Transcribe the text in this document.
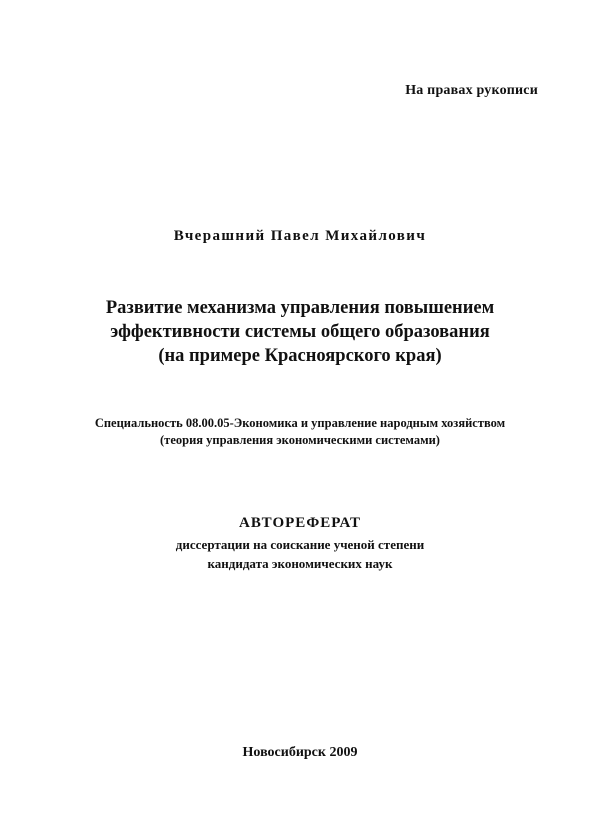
На правах рукописи
Вчерашний Павел Михайлович
Развитие механизма управления повышением
эффективности системы общего образования
(на примере Красноярского края)
Специальность 08.00.05-Экономика и управление народным хозяйством
(теория управления экономическими системами)
АВТОРЕФЕРАТ
диссертации на соискание ученой степени
кандидата экономических наук
Новосибирск 2009
